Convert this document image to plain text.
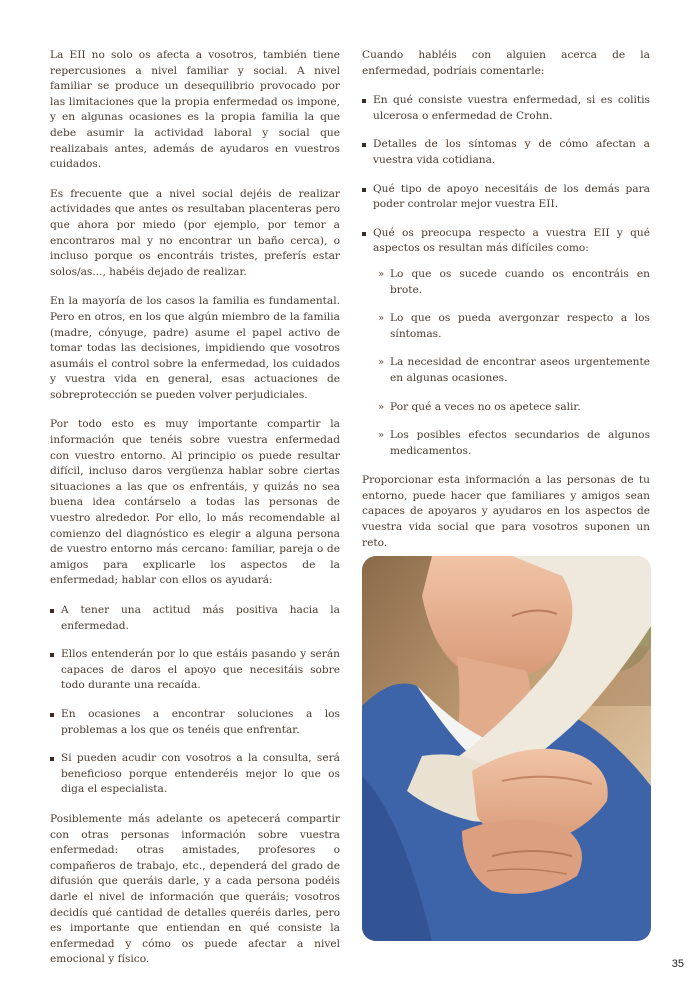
La EII no solo os afecta a vosotros, también tiene repercusiones a nivel familiar y social. A nivel familiar se produce un desequilibrio provocado por las limitaciones que la propia enfermedad os impone, y en algunas ocasiones es la propia familia la que debe asumir la actividad laboral y social que realizabais antes, además de ayudaros en vuestros cuidados.

Es frecuente que a nivel social dejéis de realizar actividades que antes os resultaban placenteras pero que ahora por miedo (por ejemplo, por temor a encontraros mal y no encontrar un baño cerca), o incluso porque os encontráis tristes, preferís estar solos/as..., habéis dejado de realizar.

En la mayoría de los casos la familia es fundamental. Pero en otros, en los que algún miembro de la familia (madre, cónyuge, padre) asume el papel activo de tomar todas las decisiones, impidiendo que vosotros asumáis el control sobre la enfermedad, los cuidados y vuestra vida en general, esas actuaciones de sobreprotección se pueden volver perjudiciales.

Por todo esto es muy importante compartir la información que tenéis sobre vuestra enfermedad con vuestro entorno. Al principio os puede resultar difícil, incluso daros vergüenza hablar sobre ciertas situaciones a las que os enfrentáis, y quizás no sea buena idea contárselo a todas las personas de vuestro alrededor. Por ello, lo más recomendable al comienzo del diagnóstico es elegir a alguna persona de vuestro entorno más cercano: familiar, pareja o de amigos para explicarle los aspectos de la enfermedad; hablar con ellos os ayudará:

A tener una actitud más positiva hacia la enfermedad.
Ellos entenderán por lo que estáis pasando y serán capaces de daros el apoyo que necesitáis sobre todo durante una recaída.
En ocasiones a encontrar soluciones a los problemas a los que os tenéis que enfrentar.
Si pueden acudir con vosotros a la consulta, será beneficioso porque entenderéis mejor lo que os diga el especialista.

Posiblemente más adelante os apetecerá compartir con otras personas información sobre vuestra enfermedad: otras amistades, profesores o compañeros de trabajo, etc., dependerá del grado de difusión que queráis darle, y a cada persona podéis darle el nivel de información que queráis; vosotros decidís qué cantidad de detalles queréis darles, pero es importante que entiendan en qué consiste la enfermedad y cómo os puede afectar a nivel emocional y físico.

Cuando habléis con alguien acerca de la enfermedad, podríais comentarle:

En qué consiste vuestra enfermedad, si es colitis ulcerosa o enfermedad de Crohn.
Detalles de los síntomas y de cómo afectan a vuestra vida cotidiana.
Qué tipo de apoyo necesitáis de los demás para poder controlar mejor vuestra EII.
Qué os preocupa respecto a vuestra EII y qué aspectos os resultan más difíciles como:
» Lo que os sucede cuando os encontráis en brote.
» Lo que os pueda avergonzar respecto a los síntomas.
» La necesidad de encontrar aseos urgentemente en algunas ocasiones.
» Por qué a veces no os apetece salir.
» Los posibles efectos secundarios de algunos medicamentos.

Proporcionar esta información a las personas de tu entorno, puede hacer que familiares y amigos sean capaces de apoyaros y ayudaros en los aspectos de vuestra vida social que para vosotros suponen un reto.

35
